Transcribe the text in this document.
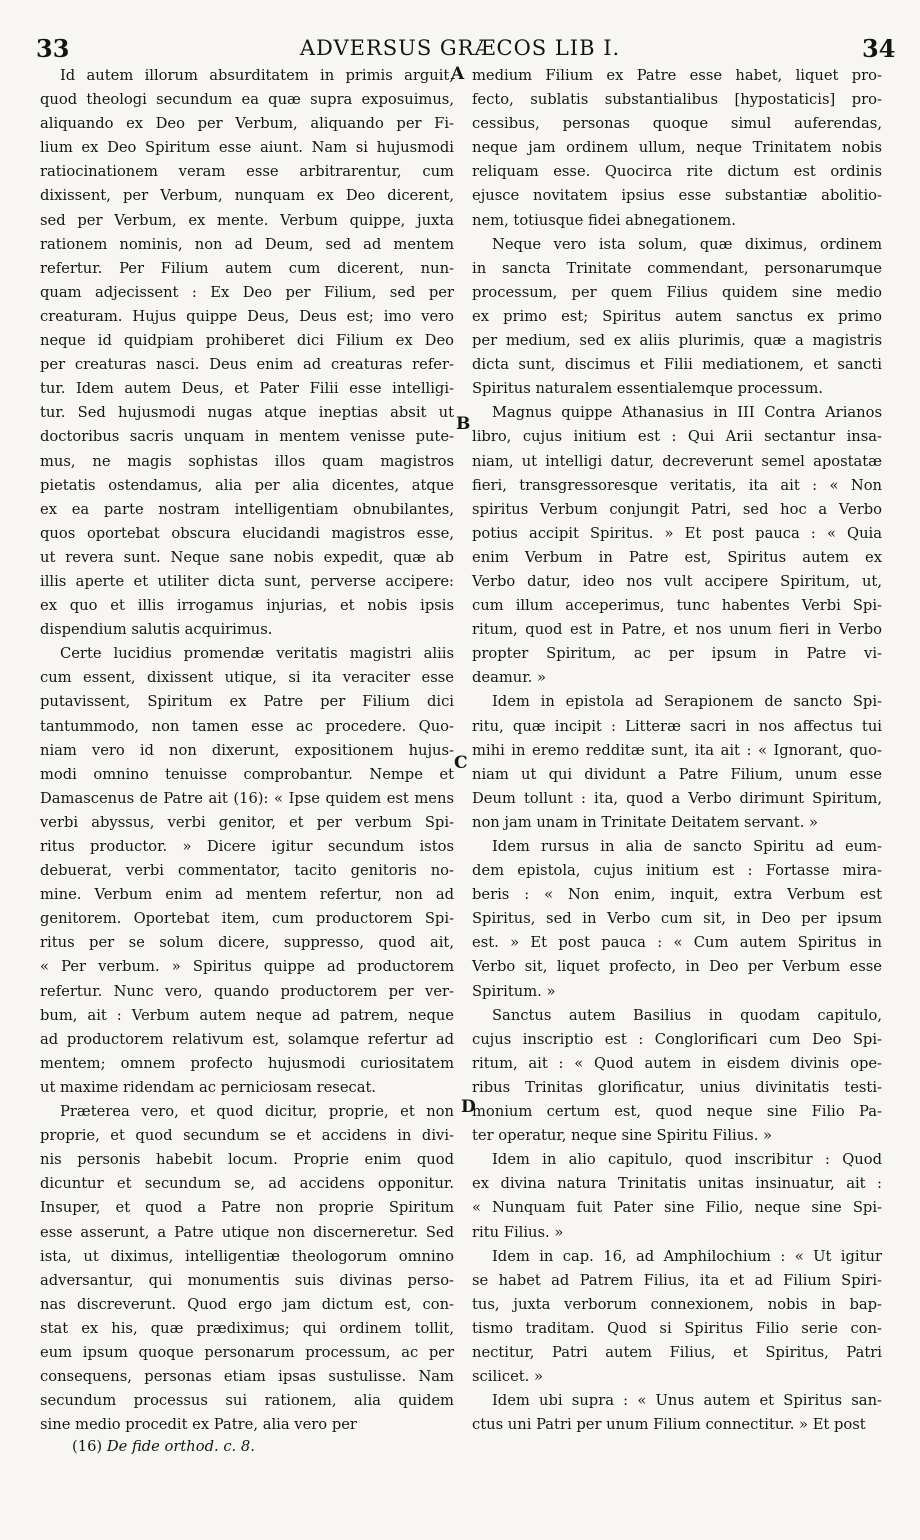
33	ADVERSUS GRÆCOS LIB I.	34
Id autem illorum absurditatem in primis arguit,
quod theologi secundum ea quæ supra exposuimus,
aliquando ex Deo per Verbum, aliquando per Fi-
lium ex Deo Spiritum esse aiunt. Nam si hujusmodi
ratiocinationem veram esse arbitrarentur, cum
dixissent, per Verbum, nunquam ex Deo dicerent,
sed per Verbum, ex mente. Verbum quippe, juxta
rationem nominis, non ad Deum, sed ad mentem
refertur. Per Filium autem cum dicerent, nun-
quam adjecissent : Ex Deo per Filium, sed per
creaturam. Hujus quippe Deus, Deus est; imo vero
neque id quidpiam prohiberet dici Filium ex Deo
per creaturas nasci. Deus enim ad creaturas refer-
tur. Idem autem Deus, et Pater Filii esse intelligi-
tur. Sed hujusmodi nugas atque ineptias absit ut
doctoribus sacris unquam in mentem venisse pute-
mus, ne magis sophistas illos quam magistros
pietatis ostendamus, alia per alia dicentes, atque
ex ea parte nostram intelligentiam obnubilantes,
quos oportebat obscura elucidandi magistros esse,
ut revera sunt. Neque sane nobis expedit, quæ ab
illis aperte et utiliter dicta sunt, perverse accipere:
ex quo et illis irrogamus injurias, et nobis ipsis
dispendium salutis acquirimus.
Certe lucidius promendæ veritatis magistri aliis
cum essent, dixissent utique, si ita veraciter esse
putavissent, Spiritum ex Patre per Filium dici
tantummodo, non tamen esse ac procedere. Quo-
niam vero id non dixerunt, expositionem hujus-
modi omnino tenuisse comprobantur. Nempe et
Damascenus de Patre ait (16): « Ipse quidem est mens
verbi abyssus, verbi genitor, et per verbum Spi-
ritus productor. » Dicere igitur secundum istos
debuerat, verbi commentator, tacito genitoris no-
mine. Verbum enim ad mentem refertur, non ad
genitorem. Oportebat item, cum productorem Spi-
ritus per se solum dicere, suppresso, quod ait,
« Per verbum. » Spiritus quippe ad productorem
refertur. Nunc vero, quando productorem per ver-
bum, ait : Verbum autem neque ad patrem, neque
ad productorem relativum est, solamque refertur ad
mentem; omnem profecto hujusmodi curiositatem
ut maxime ridendam ac perniciosam resecat.
Præterea vero, et quod dicitur, proprie, et non
proprie, et quod secundum se et accidens in divi-
nis personis habebit locum. Proprie enim quod
dicuntur et secundum se, ad accidens opponitur.
Insuper, et quod a Patre non proprie Spiritum
esse asserunt, a Patre utique non discerneretur. Sed
ista, ut diximus, intelligentiæ theologorum omnino
adversantur, qui monumentis suis divinas perso-
nas discreverunt. Quod ergo jam dictum est, con-
stat ex his, quæ prædiximus; qui ordinem tollit,
eum ipsum quoque personarum processum, ac per
consequens, personas etiam ipsas sustulisse. Nam
secundum processus sui rationem, alia quidem
sine medio procedit ex Patre, alia vero per
medium Filium ex Patre esse habet, liquet pro-
fecto, sublatis substantialibus [hypostaticis] pro-
cessibus, personas quoque simul auferendas,
neque jam ordinem ullum, neque Trinitatem nobis
reliquam esse. Quocirca rite dictum est ordinis
ejusce novitatem ipsius esse substantiæ abolitio-
nem, totiusque fidei abnegationem.
Neque vero ista solum, quæ diximus, ordinem
in sancta Trinitate commendant, personarumque
processum, per quem Filius quidem sine medio
ex primo est; Spiritus autem sanctus ex primo
per medium, sed ex aliis plurimis, quæ a magistris
dicta sunt, discimus et Filii mediationem, et sancti
Spiritus naturalem essentialemque processum.
Magnus quippe Athanasius in III Contra Arianos
libro, cujus initium est : Qui Arii sectantur insa-
niam, ut intelligi datur, decreverunt semel apostatæ
fieri, transgressoresque veritatis, ita ait : « Non
spiritus Verbum conjungit Patri, sed hoc a Verbo
potius accipit Spiritus. » Et post pauca : « Quia
enim Verbum in Patre est, Spiritus autem ex
Verbo datur, ideo nos vult accipere Spiritum, ut,
cum illum acceperimus, tunc habentes Verbi Spi-
ritum, quod est in Patre, et nos unum fieri in Verbo
propter Spiritum, ac per ipsum in Patre vi-
deamur. »
Idem in epistola ad Serapionem de sancto Spi-
ritu, quæ incipit : Litteræ sacri in nos affectus tui
mihi in eremo redditæ sunt, ita ait : « Ignorant, quo-
niam ut qui dividunt a Patre Filium, unum esse
Deum tollunt : ita, quod a Verbo dirimunt Spiritum,
non jam unam in Trinitate Deitatem servant. »
Idem rursus in alia de sancto Spiritu ad eum-
dem epistola, cujus initium est : Fortasse mira-
beris : « Non enim, inquit, extra Verbum est
Spiritus, sed in Verbo cum sit, in Deo per ipsum
est. » Et post pauca : « Cum autem Spiritus in
Verbo sit, liquet profecto, in Deo per Verbum esse
Spiritum. »
Sanctus autem Basilius in quodam capitulo,
cujus inscriptio est : Conglorificari cum Deo Spi-
ritum, ait : « Quod autem in eisdem divinis ope-
ribus Trinitas glorificatur, unius divinitatis testi-
monium certum est, quod neque sine Filio Pa-
ter operatur, neque sine Spiritu Filius. »
Idem in alio capitulo, quod inscribitur : Quod
ex divina natura Trinitatis unitas insinuatur, ait :
« Nunquam fuit Pater sine Filio, neque sine Spi-
ritu Filius. »
Idem in cap. 16, ad Amphilochium : « Ut igitur
se habet ad Patrem Filius, ita et ad Filium Spiri-
tus, juxta verborum connexionem, nobis in bap-
tismo traditam. Quod si Spiritus Filio serie con-
nectitur, Patri autem Filius, et Spiritus, Patri
scilicet. »
Idem ubi supra : « Unus autem et Spiritus san-
ctus uni Patri per unum Filium connectitur. » Et post
A
B
C
D
(16) De fide orthod. c. 8.
